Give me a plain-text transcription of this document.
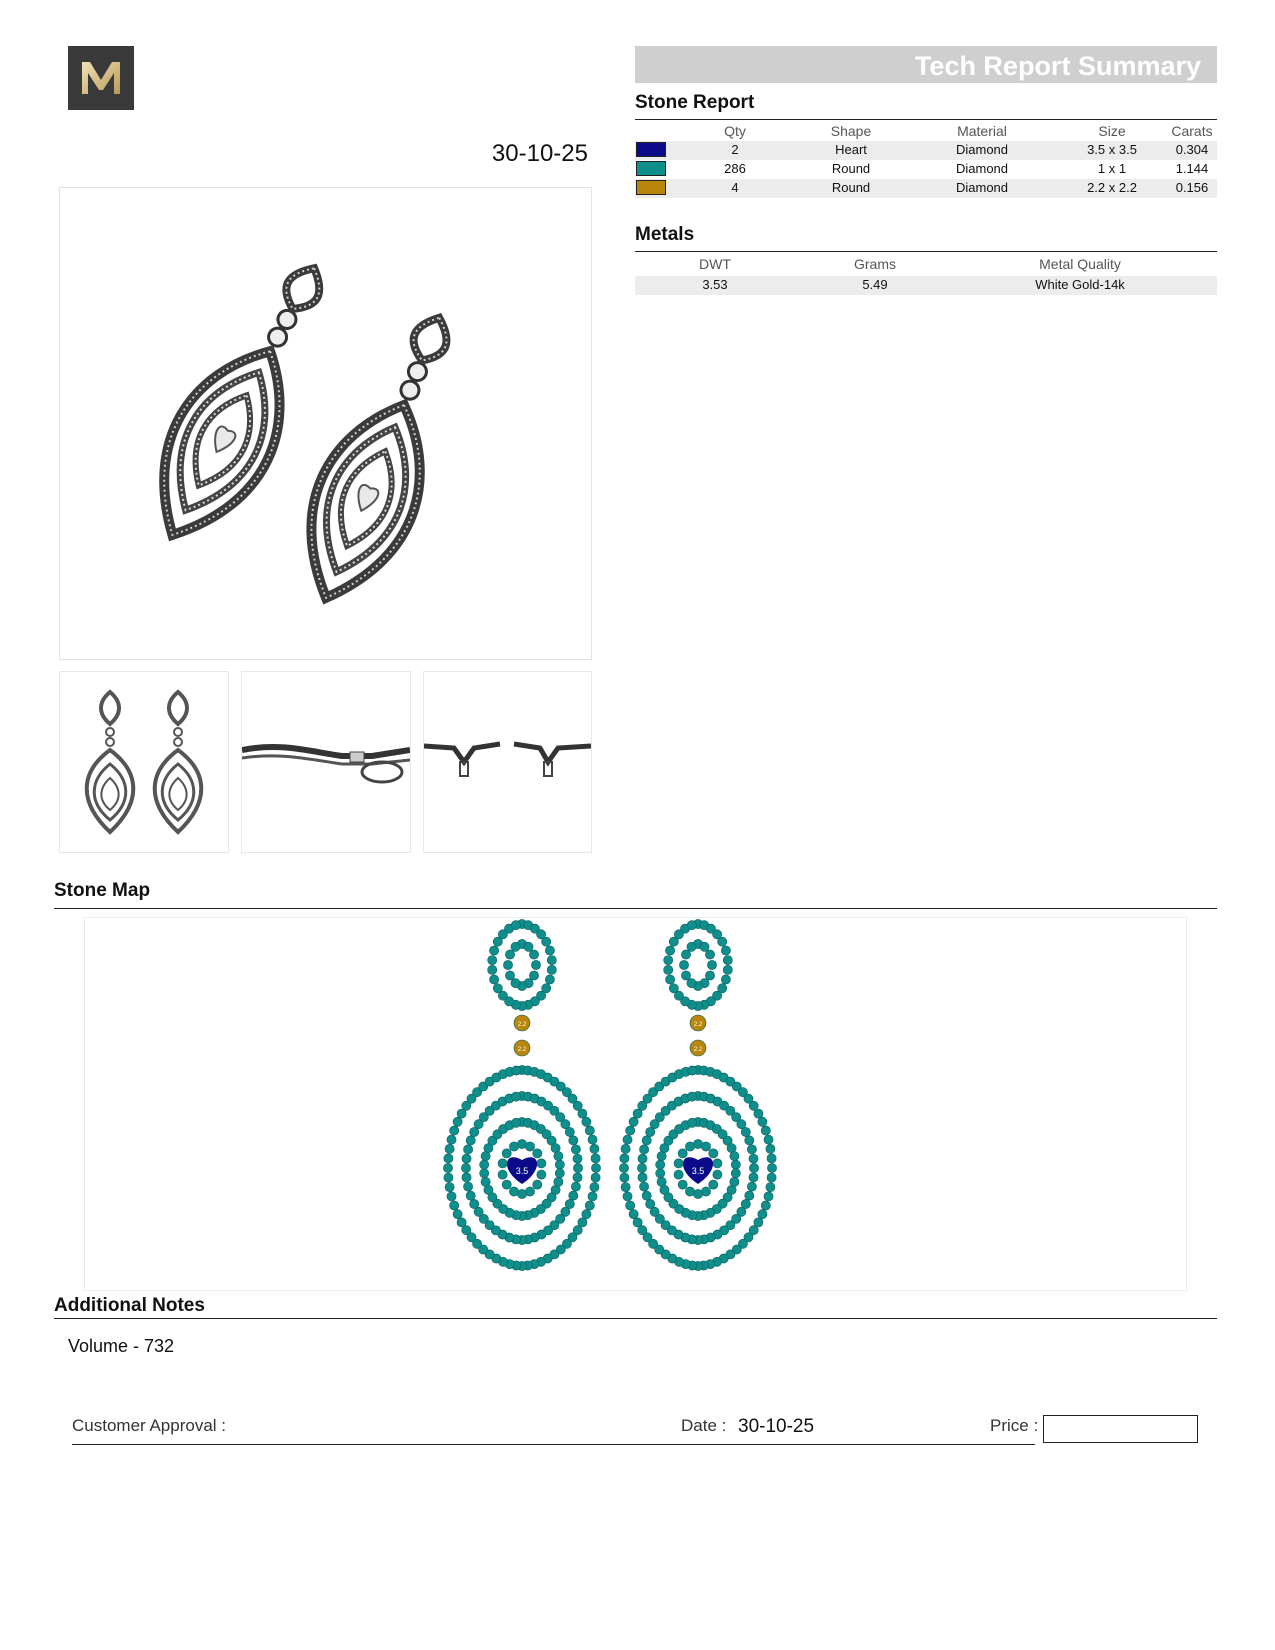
Tech Report Summary
30-10-25
Stone Report
Qty	Shape	Material	Size	Carats
2	Heart	Diamond	3.5 x 3.5	0.304
286	Round	Diamond	1 x 1	1.144
4	Round	Diamond	2.2 x 2.2	0.156
Metals
DWT	Grams	Metal Quality
3.53	5.49	White Gold-14k
Stone Map
2.2
2.2
3.5
2.2
2.2
3.5
Additional Notes
Volume - 732
Customer Approval :	Date : 30-10-25	Price :
